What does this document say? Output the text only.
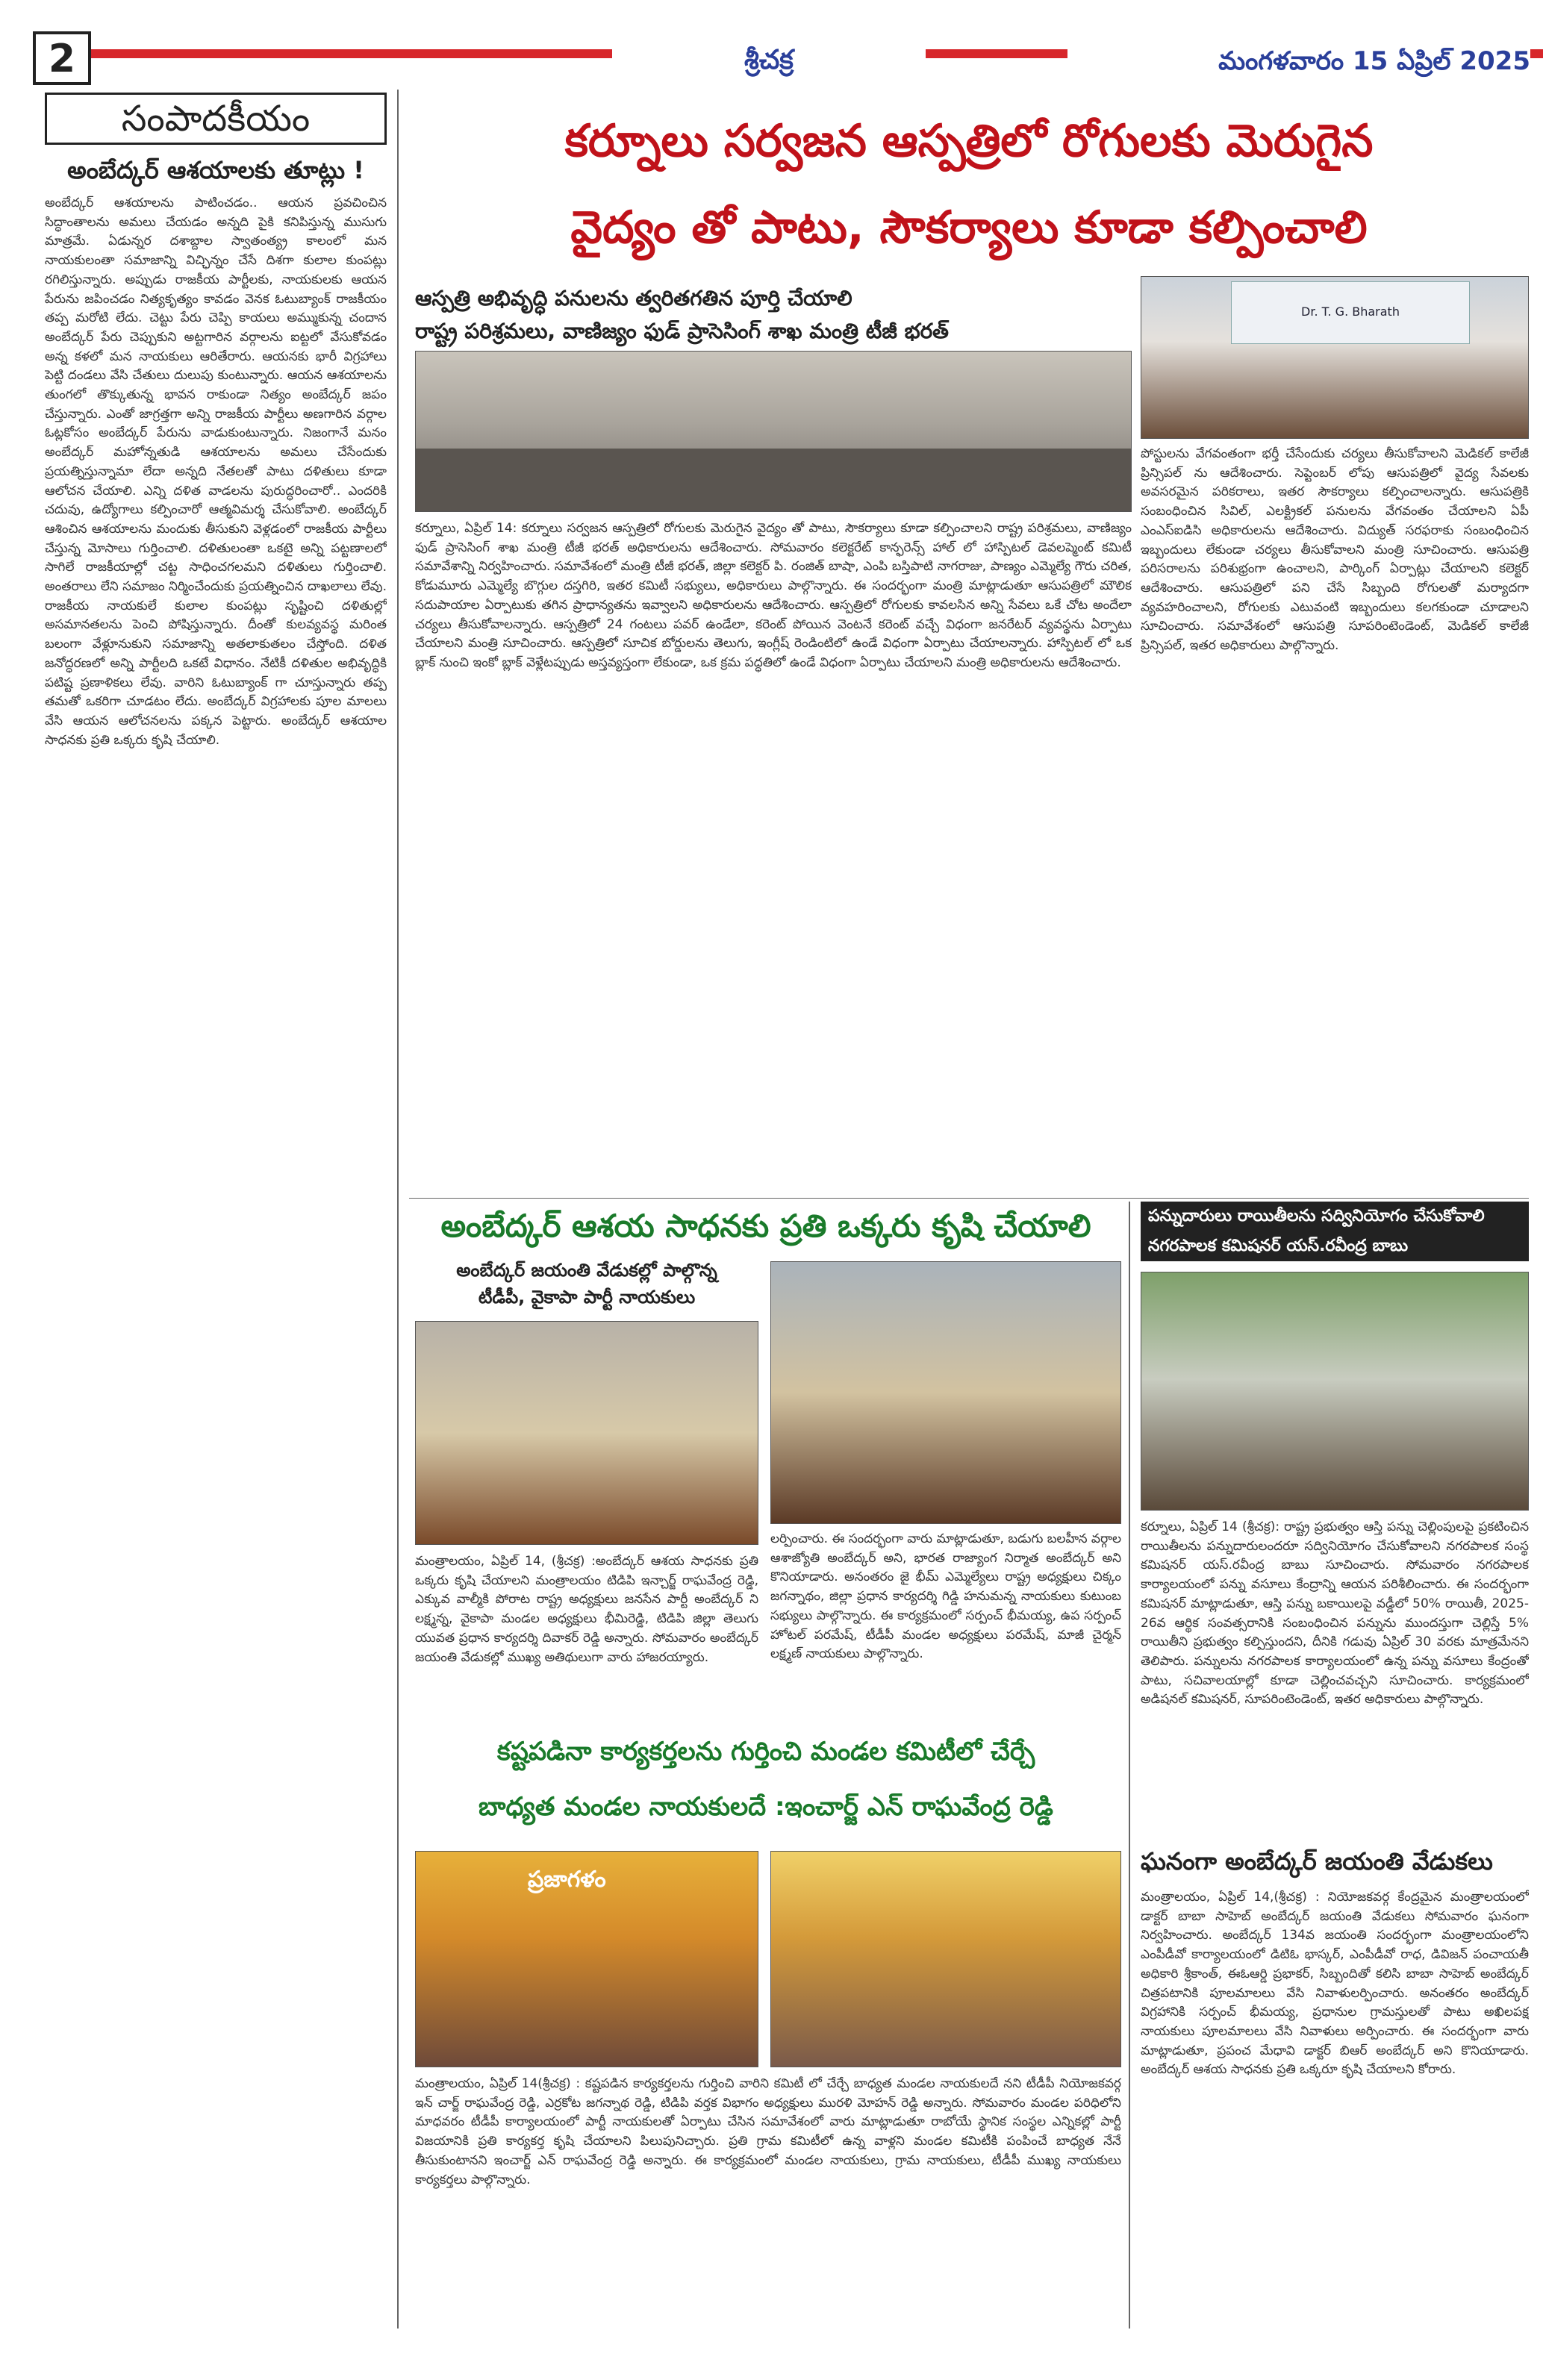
2	శ్రీచక్ర	మంగళవారం 15 ఏప్రిల్ 2025
సంపాదకీయం
అంబేద్కర్ ఆశయాలకు తూట్లు !
అంబేద్కర్ ఆశయాలను పాటించడం.. ఆయన ప్రవచించిన సిద్ధాంతాలను అమలు చేయడం అన్నది పైకి కనిపిస్తున్న ముసుగు మాత్రమే. ఏడున్నర దశాబ్దాల స్వాతంత్య్ర కాలంలో మన నాయకులంతా సమాజాన్ని విచ్ఛిన్నం చేసే దిశగా కులాల కుంపట్లు రగిలిస్తున్నారు. అప్పుడు రాజకీయ పార్టీలకు, నాయకులకు ఆయన పేరును జపించడం నిత్యకృత్యం కావడం వెనక ఓటుబ్యాంక్ రాజకీయం తప్ప మరోటి లేదు. చెట్టు పేరు చెప్పి కాయలు అమ్ముకున్న చందాన అంబేద్కర్ పేరు చెప్పుకుని అట్టగారిన వర్గాలను ఐట్టలో వేసుకోవడం అన్న కళలో మన నాయకులు ఆరితేరారు. ఆయనకు భారీ విగ్రహాలు పెట్టి దండలు వేసి చేతులు దులుపు కుంటున్నారు. ఆయన ఆశయాలను తుంగలో తొక్కుతున్న భావన రాకుండా నిత్యం అంబేద్కర్ జపం చేస్తున్నారు. ఎంతో జాగ్రత్తగా అన్ని రాజకీయ పార్టీలు అణగారిన వర్గాల ఓట్లకోసం అంబేద్కర్ పేరును వాడుకుంటున్నారు. నిజంగానే మనం అంబేద్కర్ మహోన్నతుడి ఆశయాలను అమలు చేసేందుకు ప్రయత్నిస్తున్నామా లేదా అన్నది నేతలతో పాటు దళితులు కూడా ఆలోచన చేయాలి. ఎన్ని దళిత వాడలను పురుద్ధరించారో.. ఎందరికి చదువు, ఉద్యోగాలు కల్పించారో ఆత్మవిమర్శ చేసుకోవాలి. అంబేద్కర్ ఆశించిన ఆశయాలను మందుకు తీసుకుని వెళ్లడంలో రాజకీయ పార్టీలు చేస్తున్న మోసాలు గుర్తించాలి. దళితులంతా ఒకటై అన్ని పట్టణాలలో సాగిలే రాజకీయాల్లో చట్ట సాధించగలమని దళితులు గుర్తించాలి. అంతరాలు లేని సమాజం నిర్మించేందుకు ప్రయత్నించిన దాఖలాలు లేవు. రాజకీయ నాయకులే కులాల కుంపట్లు సృష్టించి దళితుల్లో అసమానతలను పెంచి పోషిస్తున్నారు. దీంతో కులవ్యవస్థ మరింత బలంగా వేళ్లూనుకుని సమాజాన్ని అతలాకుతలం చేస్తోంది. దళిత జనోద్ధరణలో అన్ని పార్టీలది ఒకటే విధానం. నేటికీ దళితుల అభివృద్ధికి పటిష్ట ప్రణాళికలు లేవు. వారిని ఓటుబ్యాంక్ గా చూస్తున్నారు తప్ప తమతో ఒకరిగా చూడటం లేదు. అంబేద్కర్ విగ్రహాలకు పూల మాలలు వేసి ఆయన ఆలోచనలను పక్కన పెట్టారు. అంబేద్కర్ ఆశయాల సాధనకు ప్రతి ఒక్కరు కృషి చేయాలి.
కర్నూలు సర్వజన ఆస్పత్రిలో రోగులకు మెరుగైన
వైద్యం తో పాటు, సౌకర్యాలు కూడా కల్పించాలి
ఆస్పత్రి అభివృద్ధి పనులను త్వరితగతిన పూర్తి చేయాలి
రాష్ట్ర పరిశ్రమలు, వాణిజ్యం ఫుడ్ ప్రాసెసింగ్ శాఖ మంత్రి టీజీ భరత్
Dr. T. G. Bharath
కర్నూలు, ఏప్రిల్ 14: కర్నూలు సర్వజన ఆస్పత్రిలో రోగులకు మెరుగైన వైద్యం తో పాటు, సౌకర్యాలు కూడా కల్పించాలని రాష్ట్ర పరిశ్రమలు, వాణిజ్యం ఫుడ్ ప్రాసెసింగ్ శాఖ మంత్రి టీజీ భరత్ అధికారులను ఆదేశించారు. సోమవారం కలెక్టరేట్ కాన్ఫరెన్స్ హాల్ లో హాస్పిటల్ డెవలప్మెంట్ కమిటీ సమావేశాన్ని నిర్వహించారు. సమావేశంలో మంత్రి టీజీ భరత్, జిల్లా కలెక్టర్ పి. రంజిత్ బాషా, ఎంపి బస్తిపాటి నాగరాజు, పాణ్యం ఎమ్మెల్యే గౌరు చరిత, కోడుమూరు ఎమ్మెల్యే బొగ్గుల దస్తగిరి, ఇతర కమిటీ సభ్యులు, అధికారులు పాల్గొన్నారు. ఈ సందర్భంగా మంత్రి మాట్లాడుతూ ఆసుపత్రిలో మౌలిక సదుపాయాల ఏర్పాటుకు తగిన ప్రాధాన్యతను ఇవ్వాలని అధికారులను ఆదేశించారు. ఆస్పత్రిలో రోగులకు కావలసిన అన్ని సేవలు ఒకే చోట అందేలా చర్యలు తీసుకోవాలన్నారు. ఆస్పత్రిలో 24 గంటలు పవర్ ఉండేలా, కరెంట్ పోయిన వెంటనే కరెంట్ వచ్చే విధంగా జనరేటర్ వ్యవస్థను ఏర్పాటు చేయాలని మంత్రి సూచించారు. ఆస్పత్రిలో సూచిక బోర్డులను తెలుగు, ఇంగ్లీష్ రెండింటిలో ఉండే విధంగా ఏర్పాటు చేయాలన్నారు. హాస్పిటల్ లో ఒక బ్లాక్ నుంచి ఇంకో బ్లాక్ వెళ్లేటప్పుడు అస్తవ్యస్తంగా లేకుండా, ఒక క్రమ పద్ధతిలో ఉండే విధంగా ఏర్పాటు చేయాలని మంత్రి అధికారులను ఆదేశించారు.
పోస్టులను వేగవంతంగా భర్తీ చేసేందుకు చర్యలు తీసుకోవాలని మెడికల్ కాలేజీ ప్రిన్సిపల్ ను ఆదేశించారు. సెప్టెంబర్ లోపు ఆసుపత్రిలో వైద్య సేవలకు అవసరమైన పరికరాలు, ఇతర సౌకర్యాలు కల్పించాలన్నారు. ఆసుపత్రికి సంబంధించిన సివిల్, ఎలక్ట్రికల్ పనులను వేగవంతం చేయాలని ఏపీ ఎంఎస్ఐడిసి అధికారులను ఆదేశించారు. విద్యుత్ సరఫరాకు సంబంధించిన ఇబ్బందులు లేకుండా చర్యలు తీసుకోవాలని మంత్రి సూచించారు. ఆసుపత్రి పరిసరాలను పరిశుభ్రంగా ఉంచాలని, పార్కింగ్ ఏర్పాట్లు చేయాలని కలెక్టర్ ఆదేశించారు. ఆసుపత్రిలో పని చేసే సిబ్బంది రోగులతో మర్యాదగా వ్యవహరించాలని, రోగులకు ఎటువంటి ఇబ్బందులు కలగకుండా చూడాలని సూచించారు. సమావేశంలో ఆసుపత్రి సూపరింటెండెంట్, మెడికల్ కాలేజీ ప్రిన్సిపల్, ఇతర అధికారులు పాల్గొన్నారు.
అంబేద్కర్ ఆశయ సాధనకు ప్రతి ఒక్కరు కృషి చేయాలి
అంబేద్కర్ జయంతి వేడుకల్లో పాల్గొన్న
టీడీపీ, వైకాపా పార్టీ నాయకులు
మంత్రాలయం, ఏప్రిల్ 14, (శ్రీచక్ర) :అంబేద్కర్ ఆశయ సాధనకు ప్రతి ఒక్కరు కృషి చేయాలని మంత్రాలయం టిడిపి ఇన్చార్జ్ రాఘవేంద్ర రెడ్డి, ఎక్కువ వాల్మీకి పోరాట రాష్ట్ర అధ్యక్షులు జనసేన పార్టీ అంబేద్కర్ ని లక్ష్మన్న, వైకాపా మండల అధ్యక్షులు భీమిరెడ్డి, టిడిపి జిల్లా తెలుగు యువత ప్రధాన కార్యదర్శి దివాకర్ రెడ్డి అన్నారు. సోమవారం అంబేద్కర్ జయంతి వేడుకల్లో ముఖ్య అతిథులుగా వారు హాజరయ్యారు.
లర్పించారు. ఈ సందర్భంగా వారు మాట్లాడుతూ, బడుగు బలహీన వర్గాల ఆశాజ్యోతి అంబేద్కర్ అని, భారత రాజ్యాంగ నిర్మాత అంబేద్కర్ అని కొనియాడారు. అనంతరం జై భీమ్ ఎమ్మెల్యేలు రాష్ట్ర అధ్యక్షులు చిక్కం జగన్నాథం, జిల్లా ప్రధాన కార్యదర్శి గిడ్డి హనుమన్న నాయకులు కుటుంబ సభ్యులు పాల్గొన్నారు. ఈ కార్యక్రమంలో సర్పంచ్ భీమయ్య, ఉప సర్పంచ్ హోటల్ పరమేష్, టీడీపీ మండల అధ్యక్షులు పరమేష్, మాజీ చైర్మన్ లక్ష్మణ్ నాయకులు పాల్గొన్నారు.
కష్టపడినా కార్యకర్తలను గుర్తించి మండల కమిటీలో చేర్చే
బాధ్యత మండల నాయకులదే :ఇంచార్జ్ ఎన్ రాఘవేంద్ర రెడ్డి
ప్రజాగళం
మంత్రాలయం, ఏప్రిల్ 14(శ్రీచక్ర) : కష్టపడిన కార్యకర్తలను గుర్తించి వారిని కమిటీ లో చేర్చే బాధ్యత మండల నాయకులదే నని టీడీపీ నియోజకవర్గ ఇన్ చార్జ్ రాఘవేంద్ర రెడ్డి, ఎర్రకోట జగన్నాథ రెడ్డి, టిడిపి వర్తక విభాగం అధ్యక్షులు మురళి మోహన్ రెడ్డి అన్నారు. సోమవారం మండల పరిధిలోని మాధవరం టీడీపీ కార్యాలయంలో పార్టీ నాయకులతో ఏర్పాటు చేసిన సమావేశంలో వారు మాట్లాడుతూ రాబోయే స్థానిక సంస్థల ఎన్నికల్లో పార్టీ విజయానికి ప్రతి కార్యకర్త కృషి చేయాలని పిలుపునిచ్చారు. ప్రతి గ్రామ కమిటీలో ఉన్న వాళ్లని మండల కమిటీకి పంపించే బాధ్యత నేనే తీసుకుంటానని ఇంచార్జ్ ఎన్ రాఘవేంద్ర రెడ్డి అన్నారు. ఈ కార్యక్రమంలో మండల నాయకులు, గ్రామ నాయకులు, టీడీపీ ముఖ్య నాయకులు కార్యకర్తలు పాల్గొన్నారు.
పన్నుదారులు రాయితీలను సద్వినియోగం చేసుకోవాలి
నగరపాలక కమిషనర్ యస్.రవీంద్ర బాబు
కర్నూలు, ఏప్రిల్ 14 (శ్రీచక్ర): రాష్ట్ర ప్రభుత్వం ఆస్తి పన్ను చెల్లింపులపై ప్రకటించిన రాయితీలను పన్నుదారులందరూ సద్వినియోగం చేసుకోవాలని నగరపాలక సంస్థ కమిషనర్ యస్.రవీంద్ర బాబు సూచించారు. సోమవారం నగరపాలక కార్యాలయంలో పన్ను వసూలు కేంద్రాన్ని ఆయన పరిశీలించారు. ఈ సందర్భంగా కమిషనర్ మాట్లాడుతూ, ఆస్తి పన్ను బకాయిలపై వడ్డీలో 50% రాయితీ, 2025-26వ ఆర్థిక సంవత్సరానికి సంబంధించిన పన్నును ముందస్తుగా చెల్లిస్తే 5% రాయితీని ప్రభుత్వం కల్పిస్తుందని, దీనికి గడువు ఏప్రిల్ 30 వరకు మాత్రమేనని తెలిపారు. పన్నులను నగరపాలక కార్యాలయంలో ఉన్న పన్ను వసూలు కేంద్రంతో పాటు, సచివాలయాల్లో కూడా చెల్లించవచ్చని సూచించారు. కార్యక్రమంలో అడిషనల్ కమిషనర్, సూపరింటెండెంట్, ఇతర అధికారులు పాల్గొన్నారు.
ఘనంగా అంబేద్కర్ జయంతి వేడుకలు
మంత్రాలయం, ఏప్రిల్ 14,(శ్రీచక్ర) : నియోజకవర్గ కేంద్రమైన మంత్రాలయంలో డాక్టర్ బాబా సాహెబ్ అంబేద్కర్ జయంతి వేడుకలు సోమవారం ఘనంగా నిర్వహించారు. అంబేద్కర్ 134వ జయంతి సందర్భంగా మంత్రాలయంలోని ఎంపీడీవో కార్యాలయంలో డిటిఓ భాస్కర్, ఎంపీడీవో రాధ, డివిజన్ పంచాయతీ అధికారి శ్రీకాంత్, ఈఓఆర్డి ప్రభాకర్, సిబ్బందితో కలిసి బాబా సాహెబ్ అంబేద్కర్ చిత్రపటానికి పూలమాలలు వేసి నివాళులర్పించారు. అనంతరం అంబేద్కర్ విగ్రహానికి సర్పంచ్ భీమయ్య, ప్రధానుల గ్రామస్తులతో పాటు అఖిలపక్ష నాయకులు పూలమాలలు వేసి నివాళులు అర్పించారు. ఈ సందర్భంగా వారు మాట్లాడుతూ, ప్రపంచ మేధావి డాక్టర్ బిఆర్ అంబేద్కర్ అని కొనియాడారు. అంబేద్కర్ ఆశయ సాధనకు ప్రతి ఒక్కరూ కృషి చేయాలని కోరారు.
